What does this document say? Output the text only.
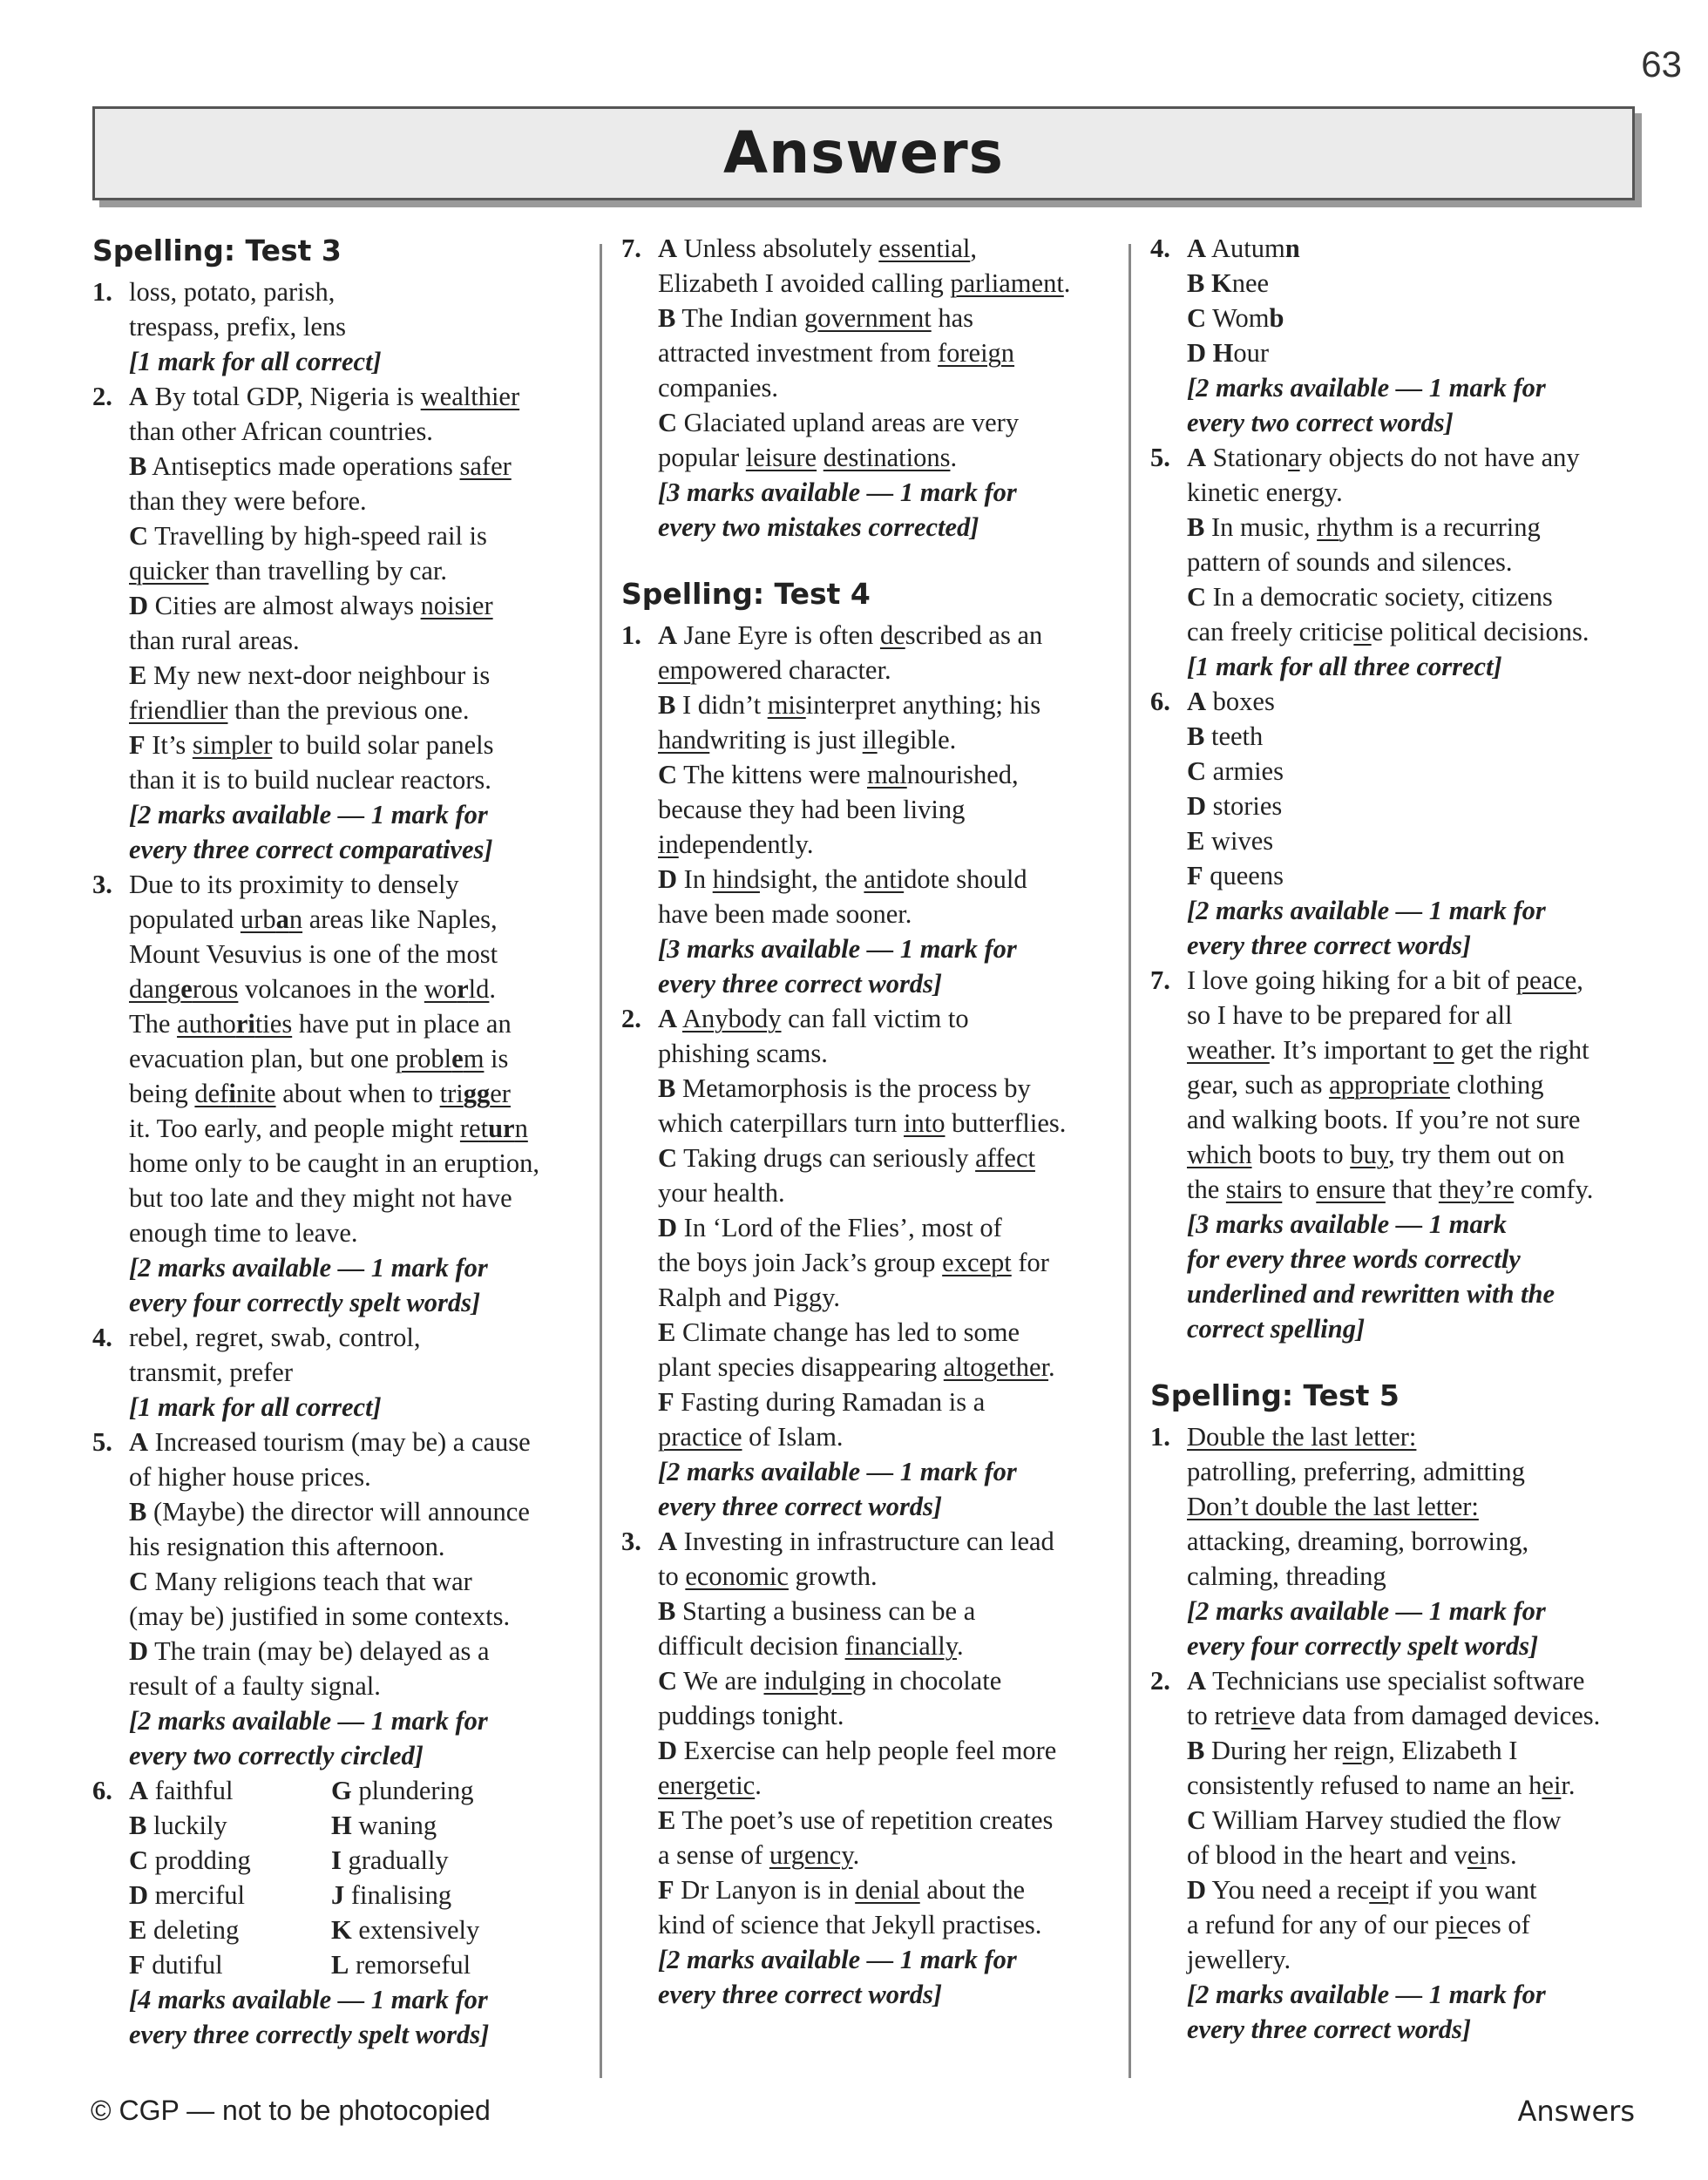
63
Answers
Spelling: Test 3
1. loss, potato, parish,
trespass, prefix, lens
[1 mark for all correct]
2. A By total GDP, Nigeria is wealthier
than other African countries.
B Antiseptics made operations safer
than they were before.
C Travelling by high-speed rail is
quicker than travelling by car.
D Cities are almost always noisier
than rural areas.
E My new next-door neighbour is
friendlier than the previous one.
F It’s simpler to build solar panels
than it is to build nuclear reactors.
[2 marks available — 1 mark for
every three correct comparatives]
3. Due to its proximity to densely
populated urban areas like Naples,
Mount Vesuvius is one of the most
dangerous volcanoes in the world.
The authorities have put in place an
evacuation plan, but one problem is
being definite about when to trigger
it. Too early, and people might return
home only to be caught in an eruption,
but too late and they might not have
enough time to leave.
[2 marks available — 1 mark for
every four correctly spelt words]
4. rebel, regret, swab, control,
transmit, prefer
[1 mark for all correct]
5. A Increased tourism (may be) a cause
of higher house prices.
B (Maybe) the director will announce
his resignation this afternoon.
C Many religions teach that war
(may be) justified in some contexts.
D The train (may be) delayed as a
result of a faulty signal.
[2 marks available — 1 mark for
every two correctly circled]
6. A faithful	G plundering
B luckily	H waning
C prodding	I gradually
D merciful	J finalising
E deleting	K extensively
F dutiful	L remorseful
[4 marks available — 1 mark for
every three correctly spelt words]
7. A Unless absolutely essential,
Elizabeth I avoided calling parliament.
B The Indian government has
attracted investment from foreign
companies.
C Glaciated upland areas are very
popular leisure destinations.
[3 marks available — 1 mark for
every two mistakes corrected]
Spelling: Test 4
1. A Jane Eyre is often described as an
empowered character.
B I didn’t misinterpret anything; his
handwriting is just illegible.
C The kittens were malnourished,
because they had been living
independently.
D In hindsight, the antidote should
have been made sooner.
[3 marks available — 1 mark for
every three correct words]
2. A Anybody can fall victim to
phishing scams.
B Metamorphosis is the process by
which caterpillars turn into butterflies.
C Taking drugs can seriously affect
your health.
D In ‘Lord of the Flies’, most of
the boys join Jack’s group except for
Ralph and Piggy.
E Climate change has led to some
plant species disappearing altogether.
F Fasting during Ramadan is a
practice of Islam.
[2 marks available — 1 mark for
every three correct words]
3. A Investing in infrastructure can lead
to economic growth.
B Starting a business can be a
difficult decision financially.
C We are indulging in chocolate
puddings tonight.
D Exercise can help people feel more
energetic.
E The poet’s use of repetition creates
a sense of urgency.
F Dr Lanyon is in denial about the
kind of science that Jekyll practises.
[2 marks available — 1 mark for
every three correct words]
4. A Autumn
B Knee
C Womb
D Hour
[2 marks available — 1 mark for
every two correct words]
5. A Stationary objects do not have any
kinetic energy.
B In music, rhythm is a recurring
pattern of sounds and silences.
C In a democratic society, citizens
can freely criticise political decisions.
[1 mark for all three correct]
6. A boxes
B teeth
C armies
D stories
E wives
F queens
[2 marks available — 1 mark for
every three correct words]
7. I love going hiking for a bit of peace,
so I have to be prepared for all
weather. It’s important to get the right
gear, such as appropriate clothing
and walking boots. If you’re not sure
which boots to buy, try them out on
the stairs to ensure that they’re comfy.
[3 marks available — 1 mark
for every three words correctly
underlined and rewritten with the
correct spelling]
Spelling: Test 5
1. Double the last letter:
patrolling, preferring, admitting
Don’t double the last letter:
attacking, dreaming, borrowing,
calming, threading
[2 marks available — 1 mark for
every four correctly spelt words]
2. A Technicians use specialist software
to retrieve data from damaged devices.
B During her reign, Elizabeth I
consistently refused to name an heir.
C William Harvey studied the flow
of blood in the heart and veins.
D You need a receipt if you want
a refund for any of our pieces of
jewellery.
[2 marks available — 1 mark for
every three correct words]
© CGP — not to be photocopied	Answers
